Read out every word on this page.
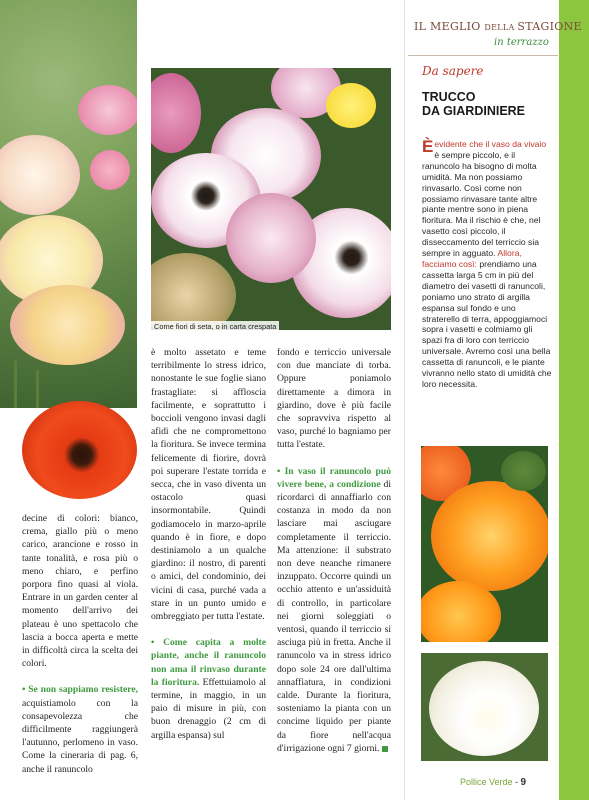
IL MEGLIO DELLA STAGIONE
in terrazzo
Come fiori di seta, o in carta crespata

decine di colori: bianco, crema, giallo più o meno carico, arancione e rosso in tante tonalità, e rosa più o meno chiaro, e perfino porpora fino quasi al viola. Entrare in un garden center al momento dell'arrivo dei plateau è uno spettacolo che lascia a bocca aperta e mette in difficoltà circa la scelta dei colori.

• Se non sappiamo resistere, acquistiamolo con la consapevolezza che difficilmente raggiungerà l'autunno, perlomeno in vaso. Come la cineraria di pag. 6, anche il ranuncolo

è molto assetato e teme terribilmente lo stress idrico, nonostante le sue foglie siano frastagliate: si affloscia facilmente, e soprattutto i boccioli vengono invasi dagli afidi che ne compromettono la fioritura. Se invece termina felicemente di fiorire, dovrà poi superare l'estate torrida e secca, che in vaso diventa un ostacolo quasi insormontabile. Quindi godiamocelo in marzo-aprile quando è in fiore, e dopo destiniamolo a un qualche giardino: il nostro, di parenti o amici, del condominio, dei vicini di casa, purché vada a stare in un punto umido e ombreggiato per tutta l'estate.

• Come capita a molte piante, anche il ranuncolo non ama il rinvaso durante la fioritura. Effettuiamolo al termine, in maggio, in un paio di misure in più, con buon drenaggio (2 cm di argilla espansa) sul

fondo e terriccio universale con due manciate di torba. Oppure poniamolo direttamente a dimora in giardino, dove è più facile che sopravviva rispetto al vaso, purché lo bagniamo per tutta l'estate.

• In vaso il ranuncolo può vivere bene, a condizione di ricordarci di annaffiarlo con costanza in modo da non lasciare mai asciugare completamente il terriccio. Ma attenzione: il substrato non deve neanche rimanere inzuppato. Occorre quindi un occhio attento e un'assiduità di controllo, in particolare nei giorni soleggiati o ventosi, quando il terriccio si asciuga più in fretta. Anche il ranuncolo va in stress idrico dopo sole 24 ore dall'ultima annaffiatura, in condizioni calde. Durante la fioritura, sosteniamo la pianta con un concime liquido per piante da fiore nell'acqua d'irrigazione ogni 7 giorni.

Da sapere
TRUCCO
DA GIARDINIERE
Èevidente che il vaso da vivaio è sempre piccolo, e il ranuncolo ha bisogno di molta umidità. Ma non possiamo rinvasarlo. Così come non possiamo rinvasare tante altre piante mentre sono in piena fioritura. Ma il rischio è che, nel vasetto così piccolo, il disseccamento del terriccio sia sempre in agguato. Allora, facciamo così: prendiamo una cassetta larga 5 cm in più del diametro dei vasetti di ranuncoli, poniamo uno strato di argilla espansa sul fondo e uno straterello di terra, appoggiamoci sopra i vasetti e colmiamo gli spazi fra di loro con terriccio universale. Avremo così una bella cassetta di ranuncoli, e le piante vivranno nello stato di umidità che loro necessita.
Pollice Verde - 9
